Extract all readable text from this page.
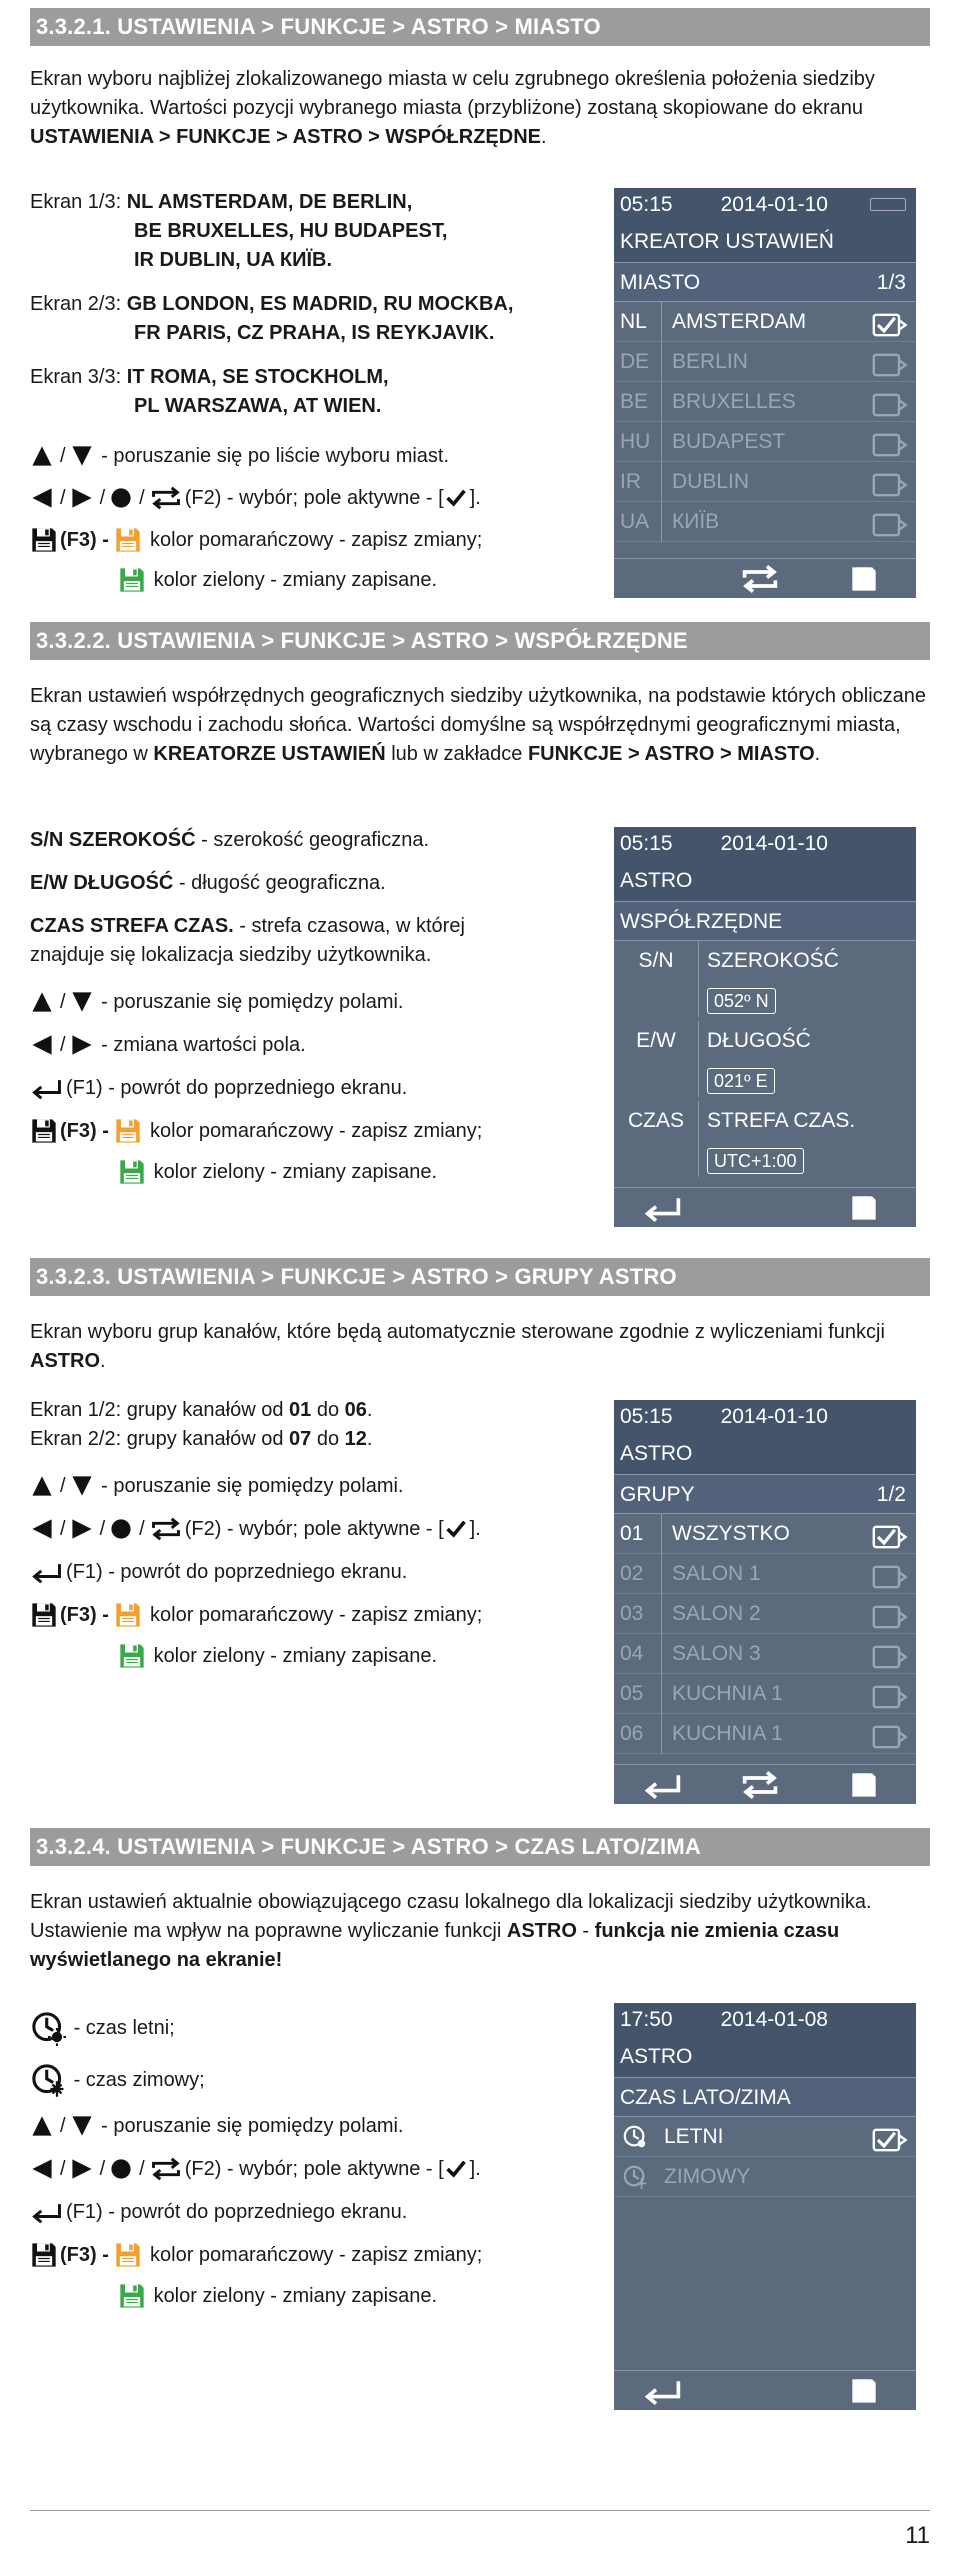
3.3.2.1. USTAWIENIA > FUNKCJE > ASTRO > MIASTO
Ekran wyboru najbliżej zlokalizowanego miasta w celu zgrubnego określenia położenia siedziby użytkownika. Wartości pozycji wybranego miasta (przybliżone) zostaną skopiowane do ekranu USTAWIENIA > FUNKCJE > ASTRO > WSPÓŁRZĘDNE.
Ekran 1/3: NL AMSTERDAM, DE BERLIN,
BE BRUXELLES, HU BUDAPEST,
IR DUBLIN, UA КИЇВ.
Ekran 2/3: GB LONDON, ES MADRID, RU MOCKBA,
FR PARIS, CZ PRAHA, IS REYKJAVIK.
Ekran 3/3: IT ROMA, SE STOCKHOLM,
PL WARSZAWA, AT WIEN.
/
- poruszanie się po liście wyboru miast.
/ / / (F2) - wybór; pole aktywne - [ ].
(F3) -

kolor pomarańczowy - zapisz zmiany;

kolor zielony - zmiany zapisane.
05:15 2014-01-10
KREATOR USTAWIEŃ
MIASTO	1/3
NL AMSTERDAM
DE BERLIN
BE BRUXELLES
HU BUDAPEST
IR DUBLIN
UA КИЇВ
3.3.2.2. USTAWIENIA > FUNKCJE > ASTRO > WSPÓŁRZĘDNE
Ekran ustawień współrzędnych geograficznych siedziby użytkownika, na podstawie których obliczane są czasy wschodu i zachodu słońca. Wartości domyślne są współrzędnymi geograficznymi miasta, wybranego w KREATORZE USTAWIEŃ lub w zakładce FUNKCJE > ASTRO > MIASTO.
S/N SZEROKOŚĆ - szerokość geograficzna.
E/W DŁUGOŚĆ - długość geograficzna.
CZAS STREFA CZAS. - strefa czasowa, w której
znajduje się lokalizacja siedziby użytkownika.
/
- poruszanie się pomiędzy polami.
/
- zmiana wartości pola.
(F1) - powrót do poprzedniego ekranu.
(F3) -

kolor pomarańczowy - zapisz zmiany;

kolor zielony - zmiany zapisane.
05:15 2014-01-10
ASTRO
WSPÓŁRZĘDNE
S/N	SZEROKOŚĆ
052º N
E/W	DŁUGOŚĆ
021º E
CZAS	STREFA CZAS.
UTC+1:00
3.3.2.3. USTAWIENIA > FUNKCJE > ASTRO > GRUPY ASTRO
Ekran wyboru grup kanałów, które będą automatycznie sterowane zgodnie z wyliczeniami funkcji ASTRO.
Ekran 1/2: grupy kanałów od 01 do 06.
Ekran 2/2: grupy kanałów od 07 do 12.
/
- poruszanie się pomiędzy polami.
/ / / (F2) - wybór; pole aktywne - [ ].
(F1) - powrót do poprzedniego ekranu.
(F3) -

kolor pomarańczowy - zapisz zmiany;

kolor zielony - zmiany zapisane.
05:15 2014-01-10
ASTRO
GRUPY	1/2
01 WSZYSTKO
02 SALON 1
03 SALON 2
04 SALON 3
05 KUCHNIA 1
06 KUCHNIA 1
3.3.2.4. USTAWIENIA > FUNKCJE > ASTRO > CZAS LATO/ZIMA
Ekran ustawień aktualnie obowiązującego czasu lokalnego dla lokalizacji siedziby użytkownika. Ustawienie ma wpływ na poprawne wyliczanie funkcji ASTRO - funkcja nie zmienia czasu wyświetlanego na ekranie!

- czas letni;

- czas zimowy;
/
- poruszanie się pomiędzy polami.
/ / / (F2) - wybór; pole aktywne - [ ].
(F1) - powrót do poprzedniego ekranu.
(F3) -

kolor pomarańczowy - zapisz zmiany;

kolor zielony - zmiany zapisane.
17:50 2014-01-08
ASTRO
CZAS LATO/ZIMA
LETNI
ZIMOWY
11
